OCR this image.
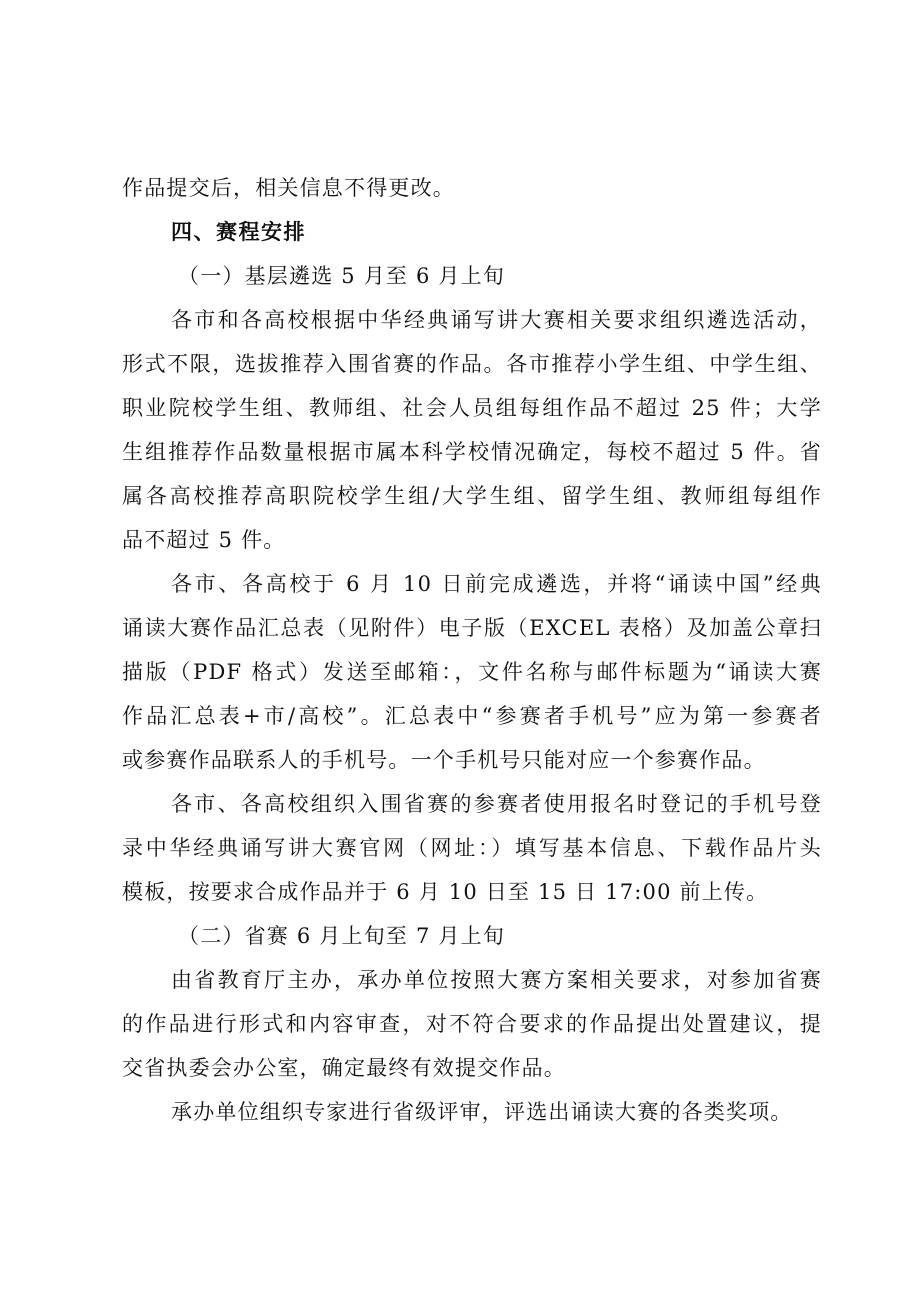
作品提交后，相关信息不得更改。
四、赛程安排
（一）基层遴选 5 月至 6 月上旬
各市和各高校根据中华经典诵写讲大赛相关要求组织遴选活动，
形式不限，选拔推荐入围省赛的作品。各市推荐小学生组、中学生组、
职业院校学生组、教师组、社会人员组每组作品不超过 25 件；大学
生组推荐作品数量根据市属本科学校情况确定，每校不超过 5 件。省
属各高校推荐高职院校学生组/大学生组、留学生组、教师组每组作
品不超过 5 件。
各市、各高校于 6 月 10 日前完成遴选，并将“诵读中国”经典
诵读大赛作品汇总表（见附件）电子版（EXCEL 表格）及加盖公章扫
描版（PDF 格式）发送至邮箱：，文件名称与邮件标题为“诵读大赛
作品汇总表+市/高校”。汇总表中“参赛者手机号”应为第一参赛者
或参赛作品联系人的手机号。一个手机号只能对应一个参赛作品。
各市、各高校组织入围省赛的参赛者使用报名时登记的手机号登
录中华经典诵写讲大赛官网（网址：）填写基本信息、下载作品片头
模板，按要求合成作品并于 6 月 10 日至 15 日 17:00 前上传。
（二）省赛 6 月上旬至 7 月上旬
由省教育厅主办，承办单位按照大赛方案相关要求，对参加省赛
的作品进行形式和内容审查，对不符合要求的作品提出处置建议，提
交省执委会办公室，确定最终有效提交作品。
承办单位组织专家进行省级评审，评选出诵读大赛的各类奖项。
